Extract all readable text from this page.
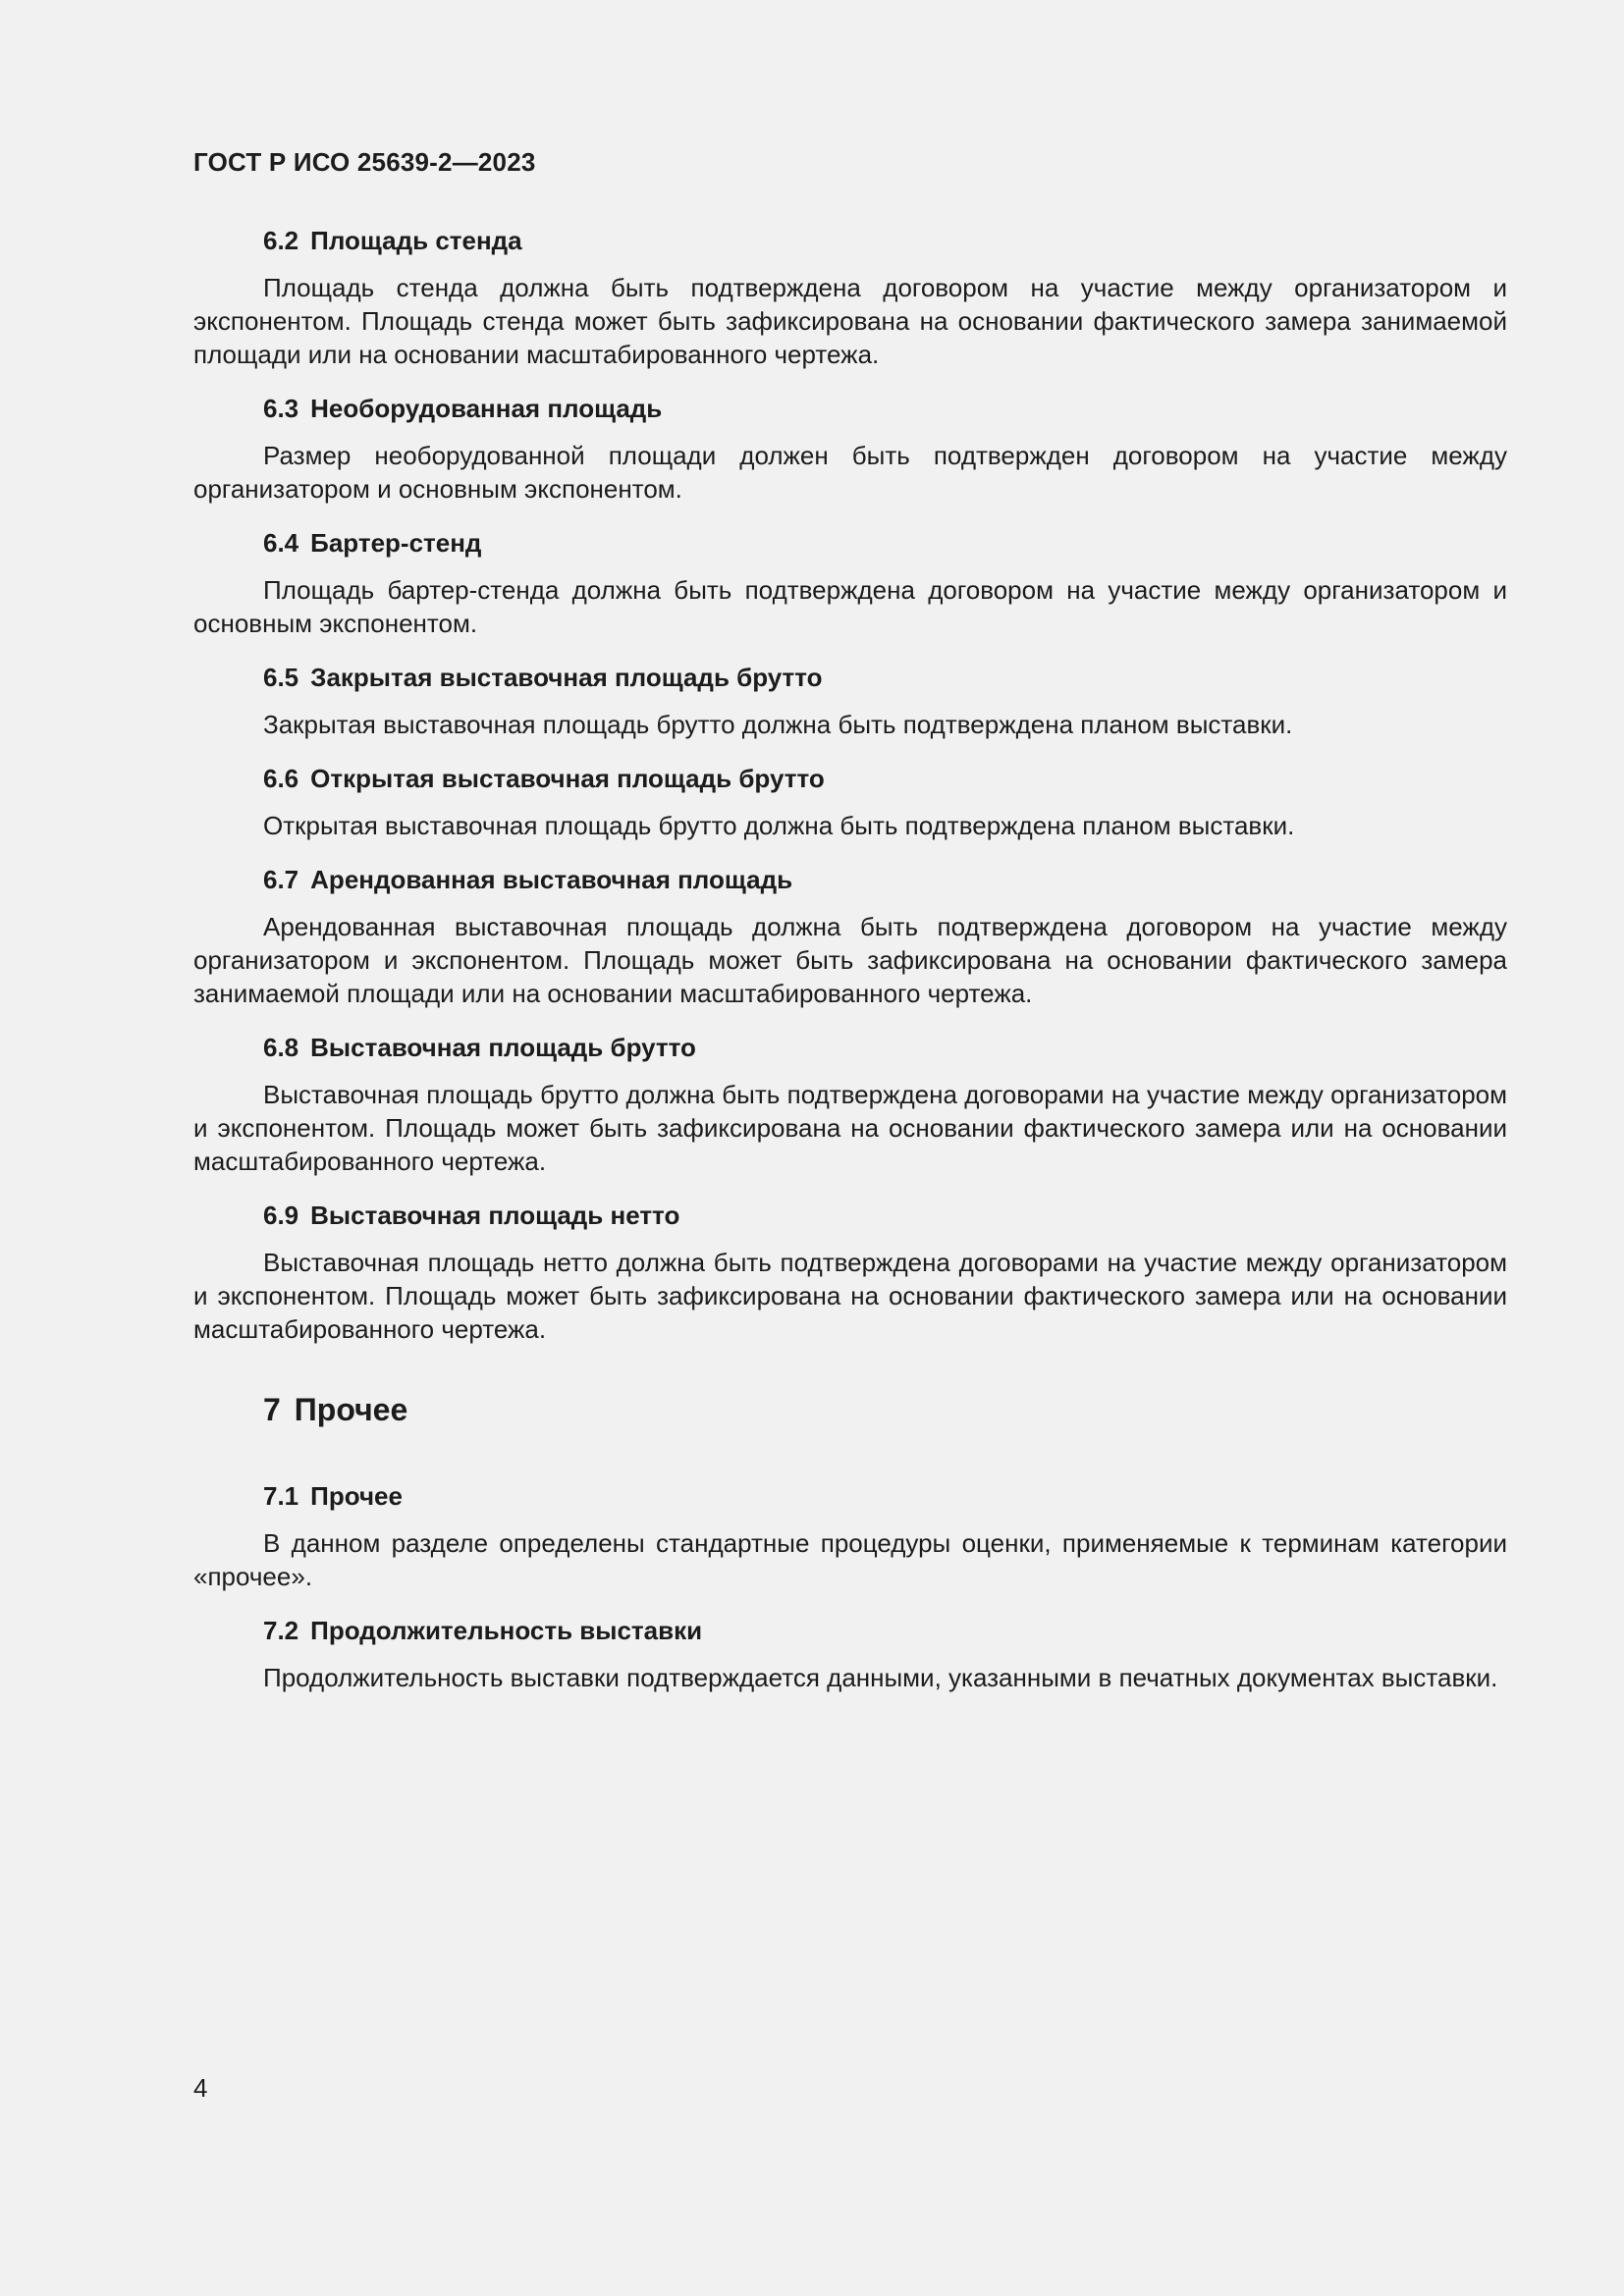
ГОСТ Р ИСО 25639-2—2023
6.2 Площадь стенда

Площадь стенда должна быть подтверждена договором на участие между организатором и экспонентом. Площадь стенда может быть зафиксирована на основании фактического замера занимаемой площади или на основании масштабированного чертежа.

6.3 Необорудованная площадь

Размер необорудованной площади должен быть подтвержден договором на участие между организатором и основным экспонентом.

6.4 Бартер-стенд

Площадь бартер-стенда должна быть подтверждена договором на участие между организатором и основным экспонентом.

6.5 Закрытая выставочная площадь брутто

Закрытая выставочная площадь брутто должна быть подтверждена планом выставки.

6.6 Открытая выставочная площадь брутто

Открытая выставочная площадь брутто должна быть подтверждена планом выставки.

6.7 Арендованная выставочная площадь

Арендованная выставочная площадь должна быть подтверждена договором на участие между организатором и экспонентом. Площадь может быть зафиксирована на основании фактического замера занимаемой площади или на основании масштабированного чертежа.

6.8 Выставочная площадь брутто

Выставочная площадь брутто должна быть подтверждена договорами на участие между организатором и экспонентом. Площадь может быть зафиксирована на основании фактического замера или на основании масштабированного чертежа.

6.9 Выставочная площадь нетто

Выставочная площадь нетто должна быть подтверждена договорами на участие между организатором и экспонентом. Площадь может быть зафиксирована на основании фактического замера или на основании масштабированного чертежа.

7 Прочее
7.1 Прочее

В данном разделе определены стандартные процедуры оценки, применяемые к терминам категории «прочее».

7.2 Продолжительность выставки

Продолжительность выставки подтверждается данными, указанными в печатных документах выставки.

4
